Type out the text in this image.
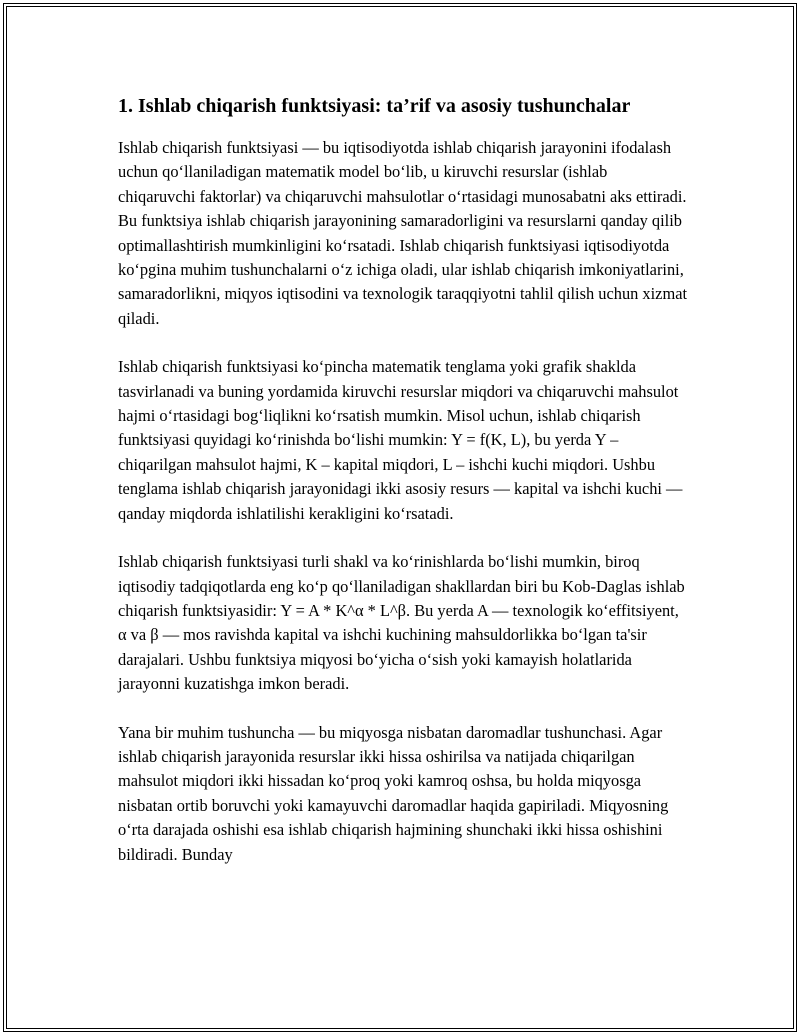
1. Ishlab chiqarish funktsiyasi: ta’rif va asosiy tushunchalar

Ishlab chiqarish funktsiyasi — bu iqtisodiyotda ishlab chiqarish jarayonini ifodalash uchun qo‘llaniladigan matematik model bo‘lib, u kiruvchi resurslar (ishlab chiqaruvchi faktorlar) va chiqaruvchi mahsulotlar o‘rtasidagi munosabatni aks ettiradi. Bu funktsiya ishlab chiqarish jarayonining samaradorligini va resurslarni qanday qilib optimallashtirish mumkinligini ko‘rsatadi. Ishlab chiqarish funktsiyasi iqtisodiyotda ko‘pgina muhim tushunchalarni o‘z ichiga oladi, ular ishlab chiqarish imkoniyatlarini, samaradorlikni, miqyos iqtisodini va texnologik taraqqiyotni tahlil qilish uchun xizmat qiladi.

Ishlab chiqarish funktsiyasi ko‘pincha matematik tenglama yoki grafik shaklda tasvirlanadi va buning yordamida kiruvchi resurslar miqdori va chiqaruvchi mahsulot hajmi o‘rtasidagi bog‘liqlikni ko‘rsatish mumkin. Misol uchun, ishlab chiqarish funktsiyasi quyidagi ko‘rinishda bo‘lishi mumkin: Y = f(K, L), bu yerda Y – chiqarilgan mahsulot hajmi, K – kapital miqdori, L – ishchi kuchi miqdori. Ushbu tenglama ishlab chiqarish jarayonidagi ikki asosiy resurs — kapital va ishchi kuchi — qanday miqdorda ishlatilishi kerakligini ko‘rsatadi.

Ishlab chiqarish funktsiyasi turli shakl va ko‘rinishlarda bo‘lishi mumkin, biroq iqtisodiy tadqiqotlarda eng ko‘p qo‘llaniladigan shakllardan biri bu Kob-Daglas ishlab chiqarish funktsiyasidir: Y = A * K^α * L^β. Bu yerda A — texnologik ko‘effitsiyent, α va β — mos ravishda kapital va ishchi kuchining mahsuldorlikka bo‘lgan ta'sir darajalari. Ushbu funktsiya miqyosi bo‘yicha o‘sish yoki kamayish holatlarida jarayonni kuzatishga imkon beradi.

Yana bir muhim tushuncha — bu miqyosga nisbatan daromadlar tushunchasi. Agar ishlab chiqarish jarayonida resurslar ikki hissa oshirilsa va natijada chiqarilgan mahsulot miqdori ikki hissadan ko‘proq yoki kamroq oshsa, bu holda miqyosga nisbatan ortib boruvchi yoki kamayuvchi daromadlar haqida gapiriladi. Miqyosning o‘rta darajada oshishi esa ishlab chiqarish hajmining shunchaki ikki hissa oshishini bildiradi. Bunday
